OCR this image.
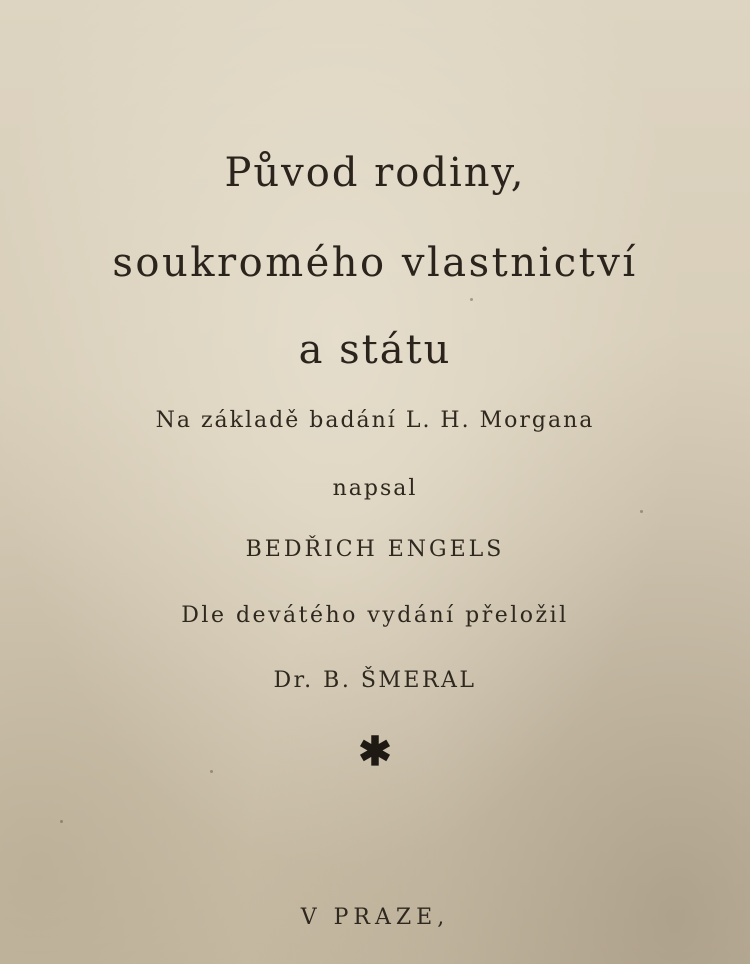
Původ rodiny,
soukromého vlastnictví
a státu
Na základě badání L. H. Morgana
napsal
BEDŘICH ENGELS
Dle devátého vydání přeložil
Dr. B. ŠMERAL
✱
V PRAZE,
